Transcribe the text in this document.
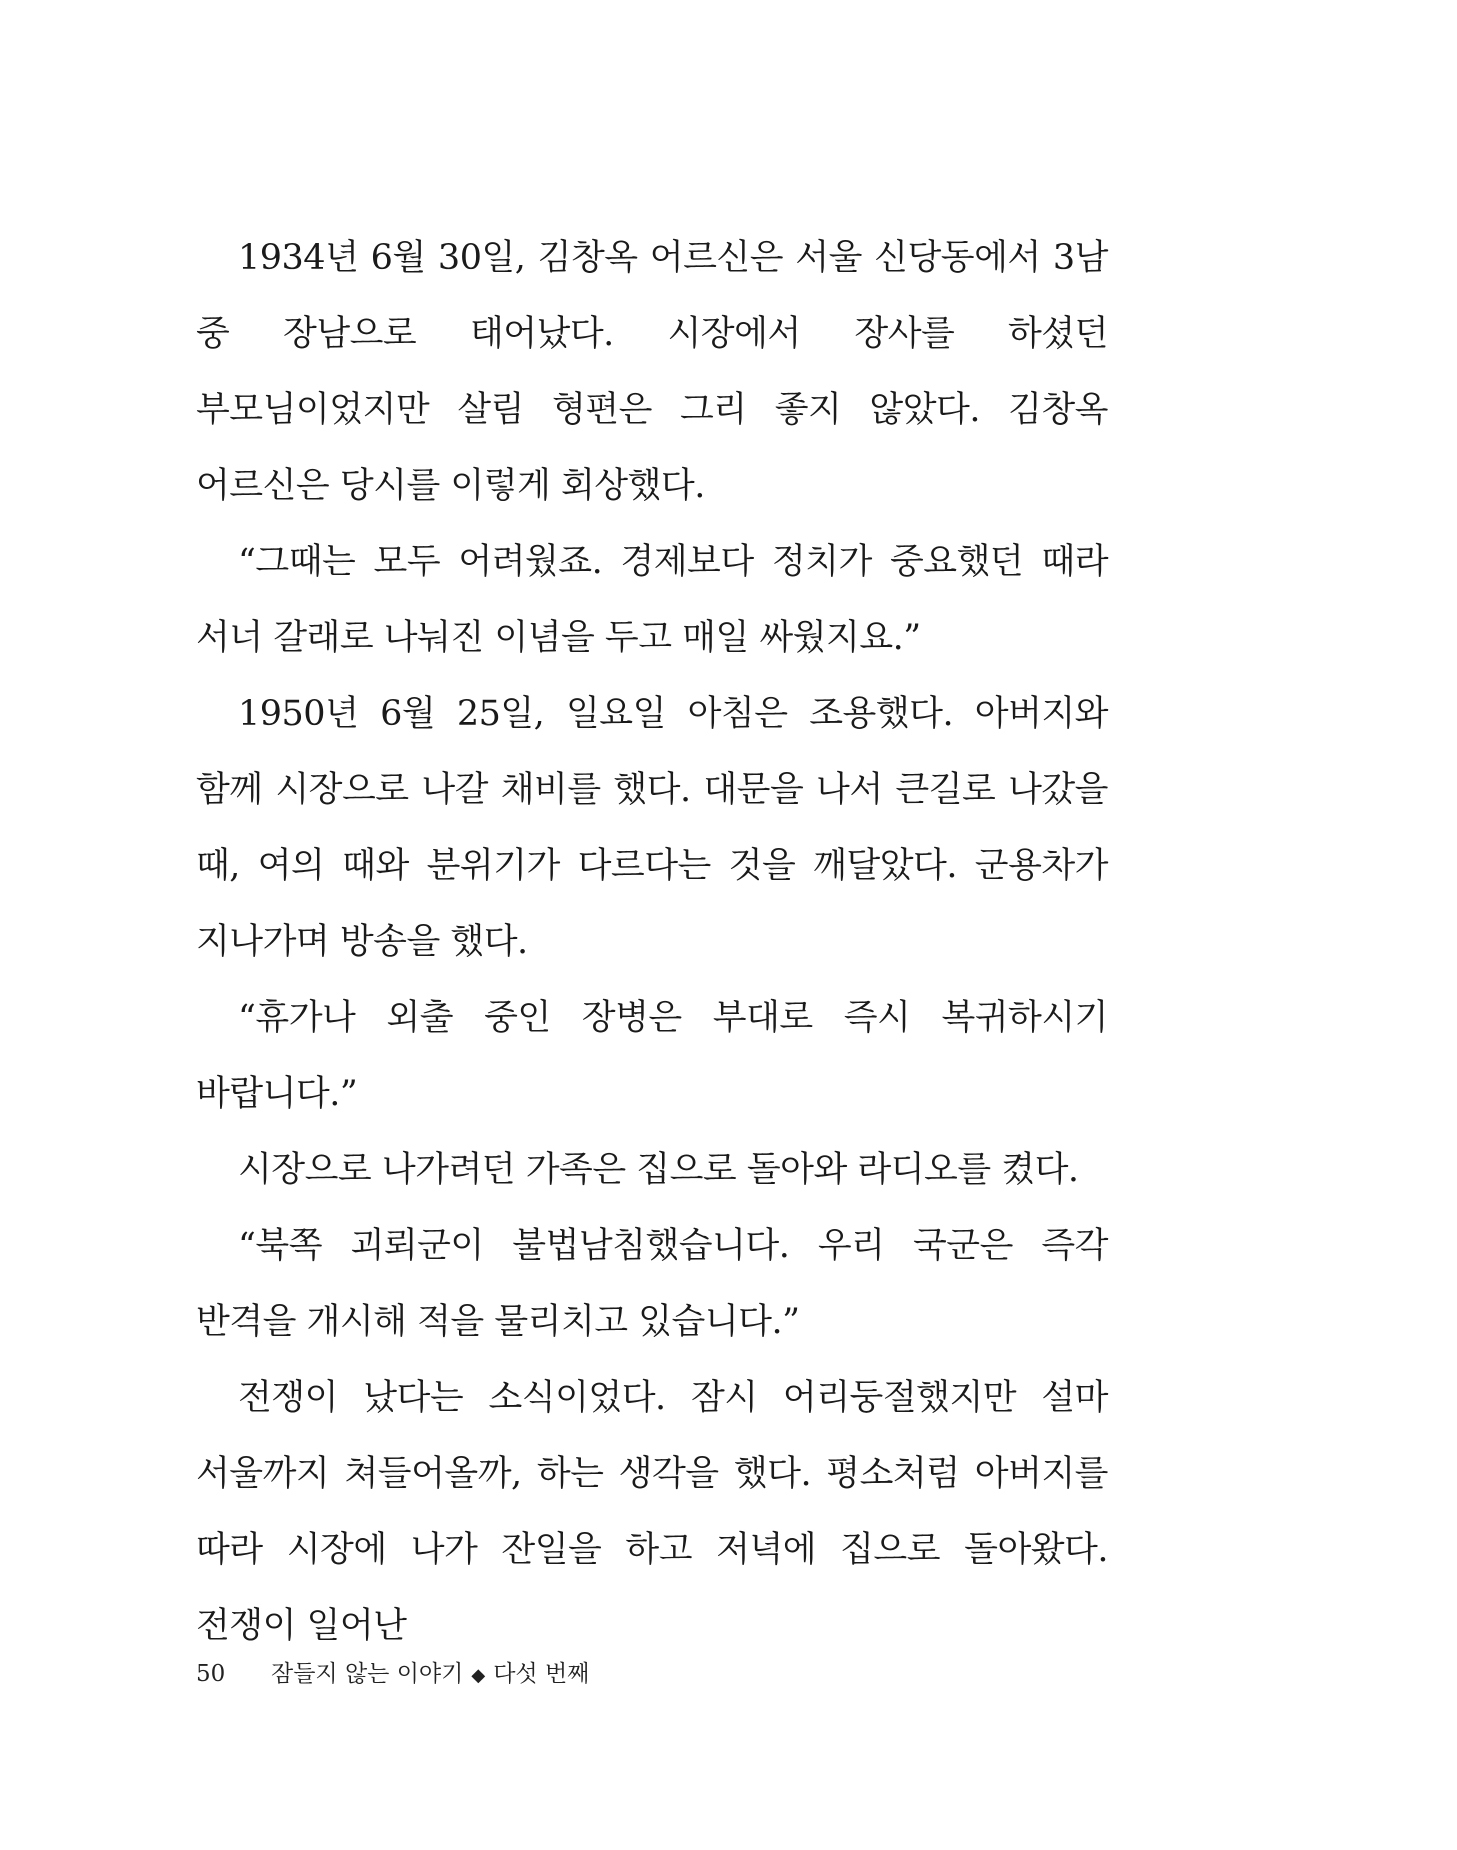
1934년 6월 30일, 김창옥 어르신은 서울 신당동에서 3남 중 장남으로 태어났다. 시장에서 장사를 하셨던 부모님이었지만 살림 형편은 그리 좋지 않았다. 김창옥 어르신은 당시를 이렇게 회상했다.

“그때는 모두 어려웠죠. 경제보다 정치가 중요했던 때라 서너 갈래로 나눠진 이념을 두고 매일 싸웠지요.”

1950년 6월 25일, 일요일 아침은 조용했다. 아버지와 함께 시장으로 나갈 채비를 했다. 대문을 나서 큰길로 나갔을 때, 여의 때와 분위기가 다르다는 것을 깨달았다. 군용차가 지나가며 방송을 했다.

“휴가나 외출 중인 장병은 부대로 즉시 복귀하시기 바랍니다.”

시장으로 나가려던 가족은 집으로 돌아와 라디오를 켰다.

“북쪽 괴뢰군이 불법남침했습니다. 우리 국군은 즉각 반격을 개시해 적을 물리치고 있습니다.”

전쟁이 났다는 소식이었다. 잠시 어리둥절했지만 설마 서울까지 쳐들어올까, 하는 생각을 했다. 평소처럼 아버지를 따라 시장에 나가 잔일을 하고 저녁에 집으로 돌아왔다. 전쟁이 일어난

50	잠들지 않는 이야기 ◆ 다섯 번째
